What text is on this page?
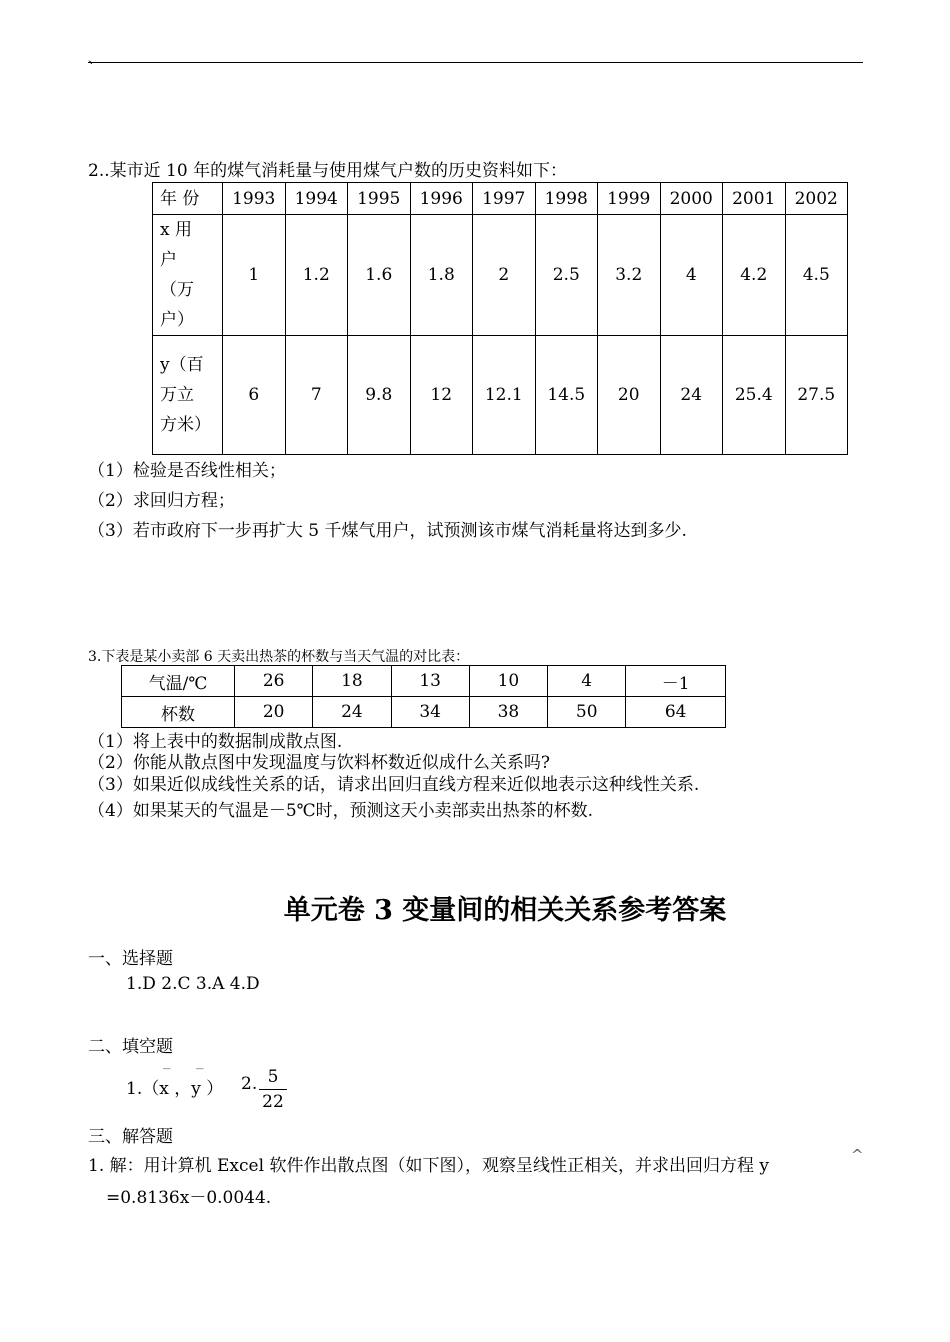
、
2..某市近 10 年的煤气消耗量与使用煤气户数的历史资料如下：
年 份	1993	1994	1995	1996	1997	1998	1999	2000	2001	2002

x 用户（万户）	1	1.2	1.6	1.8	2	2.5	3.2	4	4.2	4.5

y（百万立方米）	6	7	9.8	12	12.1	14.5	20	24	25.4	27.5
（1）检验是否线性相关；
（2）求回归方程；
（3）若市政府下一步再扩大 5 千煤气用户，试预测该市煤气消耗量将达到多少.
3.下表是某小卖部 6 天卖出热茶的杯数与当天气温的对比表：
气温/℃	26	18	13	10	4	－1
杯数	20	24	34	38	50	64
（1）将上表中的数据制成散点图.
（2）你能从散点图中发现温度与饮料杯数近似成什么关系吗?
（3）如果近似成线性关系的话，请求出回归直线方程来近似地表示这种线性关系.
（4）如果某天的气温是－5℃时，预测这天小卖部卖出热茶的杯数.
单元卷 3 变量间的相关关系参考答案
一、选择题
1.D 2.C 3.A 4.D
二、填空题
1.（x ，y ）
‾ ‾ 2. 5
22
三、解答题
1. 解：用计算机 Excel 软件作出散点图（如下图），观察呈线性正相关，并求出回归方程 y
^
=0.8136x－0.0044.
